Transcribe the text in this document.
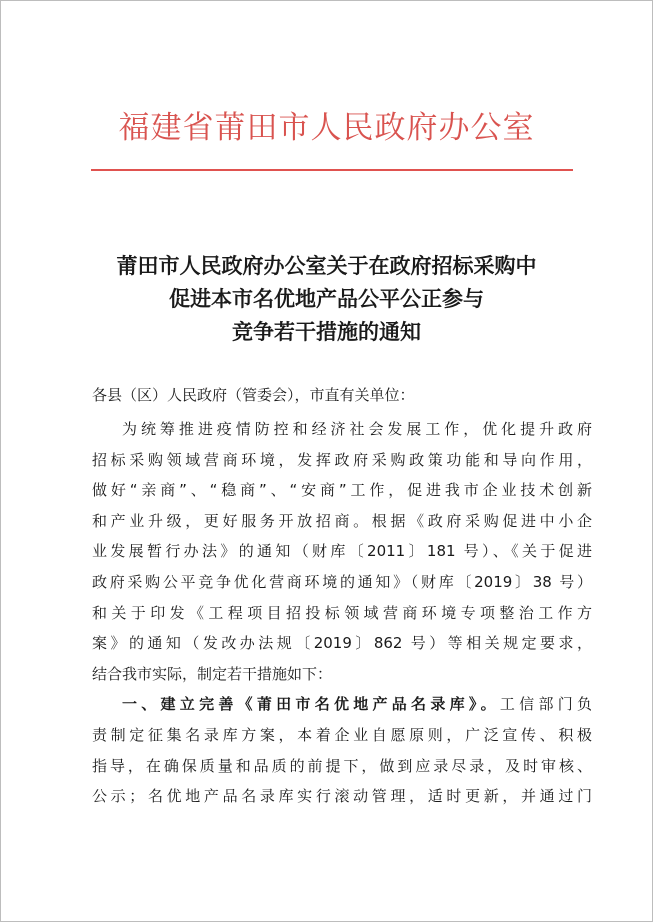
福建省莆田市人民政府办公室
莆田市人民政府办公室关于在政府招标采购中
促进本市名优地产品公平公正参与
竞争若干措施的通知
各县（区）人民政府（管委会），市直有关单位：
为统筹推进疫情防控和经济社会发展工作，优化提升政府
招标采购领域营商环境，发挥政府采购政策功能和导向作用，
做好“亲商”、“稳商”、“安商”工作，促进我市企业技术创新
和产业升级，更好服务开放招商。根据《政府采购促进中小企
业发展暂行办法》的通知（财库〔2011〕181 号）、《关于促进
政府采购公平竞争优化营商环境的通知》（财库〔2019〕38 号）
和关于印发《工程项目招投标领域营商环境专项整治工作方
案》的通知（发改办法规〔2019〕862 号）等相关规定要求，
结合我市实际，制定若干措施如下：
一、建立完善《莆田市名优地产品名录库》。工信部门负
责制定征集名录库方案，本着企业自愿原则，广泛宣传、积极
指导，在确保质量和品质的前提下，做到应录尽录，及时审核、
公示；名优地产品名录库实行滚动管理，适时更新，并通过门
